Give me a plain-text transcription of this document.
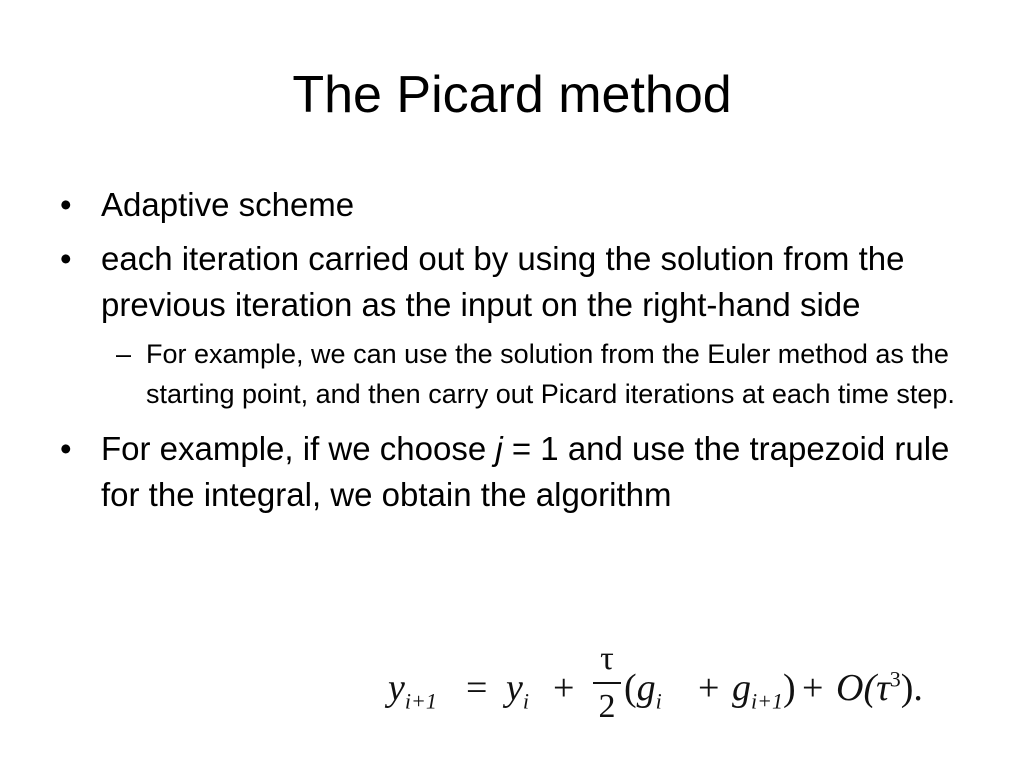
The Picard method
• Adaptive scheme
• each iteration carried out by using the solution from the previous iteration as the input on the right-hand side
– For example, we can use the solution from the Euler method as the starting point, and then carry out Picard iterations at each time step.
• For example, if we choose j = 1 and use the trapezoid rule for the integral, we obtain the algorithm
$y_{i+1} = y_i$ +
τ
2 $(g_i + g_{i+1}) + O(\tau^3)$.
